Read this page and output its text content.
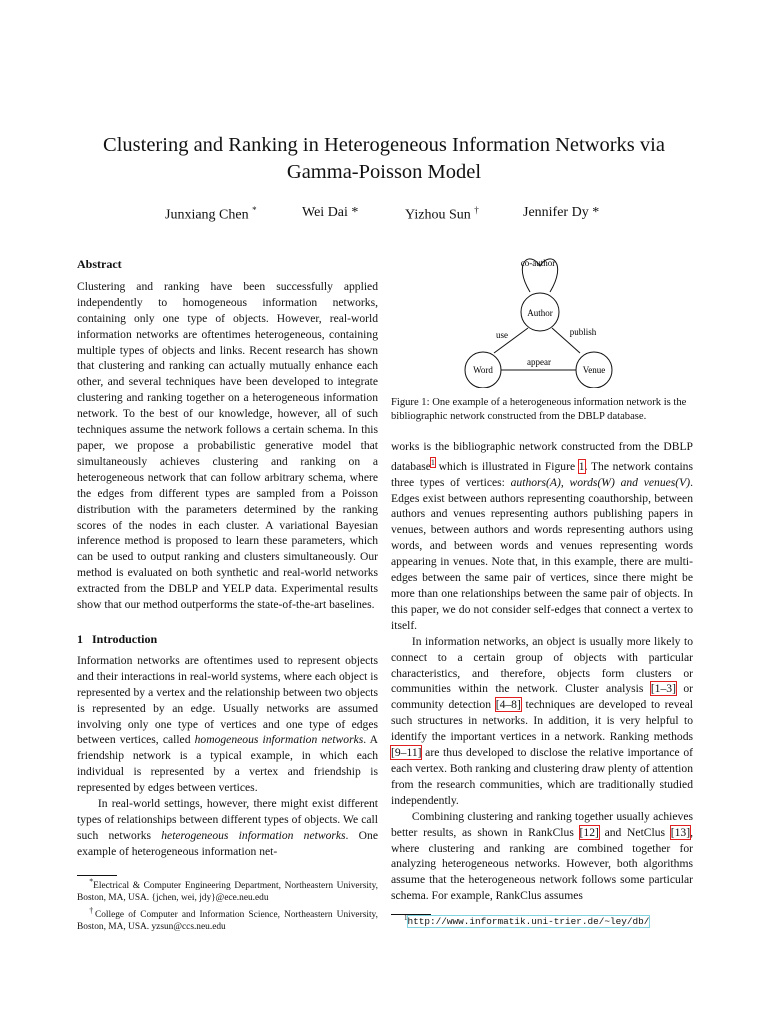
Clustering and Ranking in Heterogeneous Information Networks via
Gamma-Poisson Model
Junxiang Chen *	Wei Dai *	Yizhou Sun †	Jennifer Dy *
Abstract

Clustering and ranking have been successfully applied independently to homogeneous information networks, containing only one type of objects. However, real-world information networks are oftentimes heterogeneous, containing multiple types of objects and links. Recent research has shown that clustering and ranking can actually mutually enhance each other, and several techniques have been developed to integrate clustering and ranking together on a heterogeneous information network. To the best of our knowledge, however, all of such techniques assume the network follows a certain schema. In this paper, we propose a probabilistic generative model that simultaneously achieves clustering and ranking on a heterogeneous network that can follow arbitrary schema, where the edges from different types are sampled from a Poisson distribution with the parameters determined by the ranking scores of the nodes in each cluster. A variational Bayesian inference method is proposed to learn these parameters, which can be used to output ranking and clusters simultaneously. Our method is evaluated on both synthetic and real-world networks extracted from the DBLP and YELP data. Experimental results show that our method outperforms the state-of-the-art baselines.

1 Introduction

Information networks are oftentimes used to represent objects and their interactions in real-world systems, where each object is represented by a vertex and the relationship between two objects is represented by an edge. Usually networks are assumed involving only one type of vertices and one type of edges between vertices, called homogeneous information networks. A friendship network is a typical example, in which each individual is represented by a vertex and friendship is represented by edges between vertices.

In real-world settings, however, there might exist different types of relationships between different types of objects. We call such networks heterogeneous information networks. One example of heterogeneous information net-

*Electrical & Computer Engineering Department, Northeastern University, Boston, MA, USA. {jchen, wei, jdy}@ece.neu.edu

†College of Computer and Information Science, Northeastern University, Boston, MA, USA. yzsun@ccs.neu.edu

Author
Word	Venue
co-author
use	publish
appear
Figure 1: One example of a heterogeneous information network is the bibliographic network constructed from the DBLP database.

works is the bibliographic network constructed from the DBLP database$^1$ which is illustrated in Figure 1. The network contains three types of vertices: authors(A), words(W) and venues(V). Edges exist between authors representing coauthorship, between authors and venues representing authors publishing papers in venues, between authors and words representing authors using words, and between words and venues representing words appearing in venues. Note that, in this example, there are multi-edges between the same pair of vertices, since there might be more than one relationships between the same pair of objects. In this paper, we do not consider self-edges that connect a vertex to itself.

In information networks, an object is usually more likely to connect to a certain group of objects with particular characteristics, and therefore, objects form clusters or communities within the network. Cluster analysis [1–3] or community detection [4–8] techniques are developed to reveal such structures in networks. In addition, it is very helpful to identify the important vertices in a network. Ranking methods [9–11] are thus developed to disclose the relative importance of each vertex. Both ranking and clustering draw plenty of attention from the research communities, which are traditionally studied independently.

Combining clustering and ranking together usually achieves better results, as shown in RankClus [12] and NetClus [13], where clustering and ranking are combined together for analyzing heterogeneous networks. However, both algorithms assume that the heterogeneous network follows some particular schema. For example, RankClus assumes

$^1$http://www.informatik.uni-trier.de/~ley/db/
